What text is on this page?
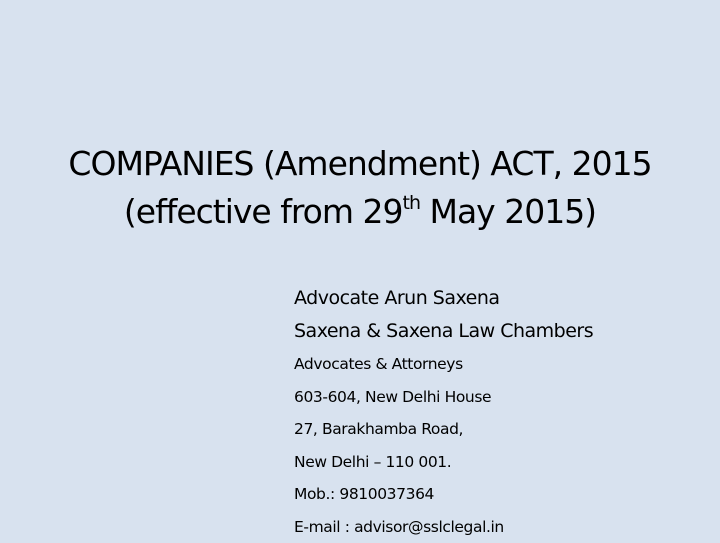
COMPANIES (Amendment) ACT, 2015
(effective from 29th May 2015)
Advocate Arun Saxena
Saxena & Saxena Law Chambers
Advocates & Attorneys
603-604, New Delhi House
27, Barakhamba Road,
New Delhi – 110 001.
Mob.: 9810037364
E-mail : advisor@sslclegal.in
